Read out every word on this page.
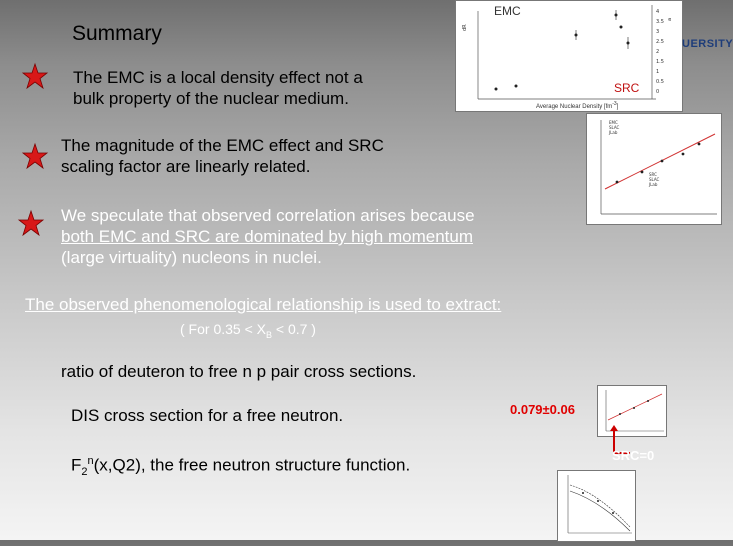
Summary
4
3.5
3
2.5
2
1.5
1
0.5
0
dR
a
EMC
SRC
Average Nuclear Density $[fm^{-3}]$
UERSITY
The EMC is a local density effect not a
bulk property of the nuclear medium.
The magnitude of the EMC effect and SRC
scaling factor are linearly related.
EMC
SLAC
JLab
SRC
SLAC
JLab
We speculate that observed correlation arises because
both EMC and SRC are dominated by high momentum
(large virtuality) nucleons in nuclei.
The observed phenomenological relationship is used to extract:
( For $0.35 < X_B < 0.7$ )
ratio of deuteron to free n p pair cross sections.
DIS cross section for a free neutron.
$F_2^n(x,Q2)$, the free neutron structure function.
0.079±0.06
SRC=0
